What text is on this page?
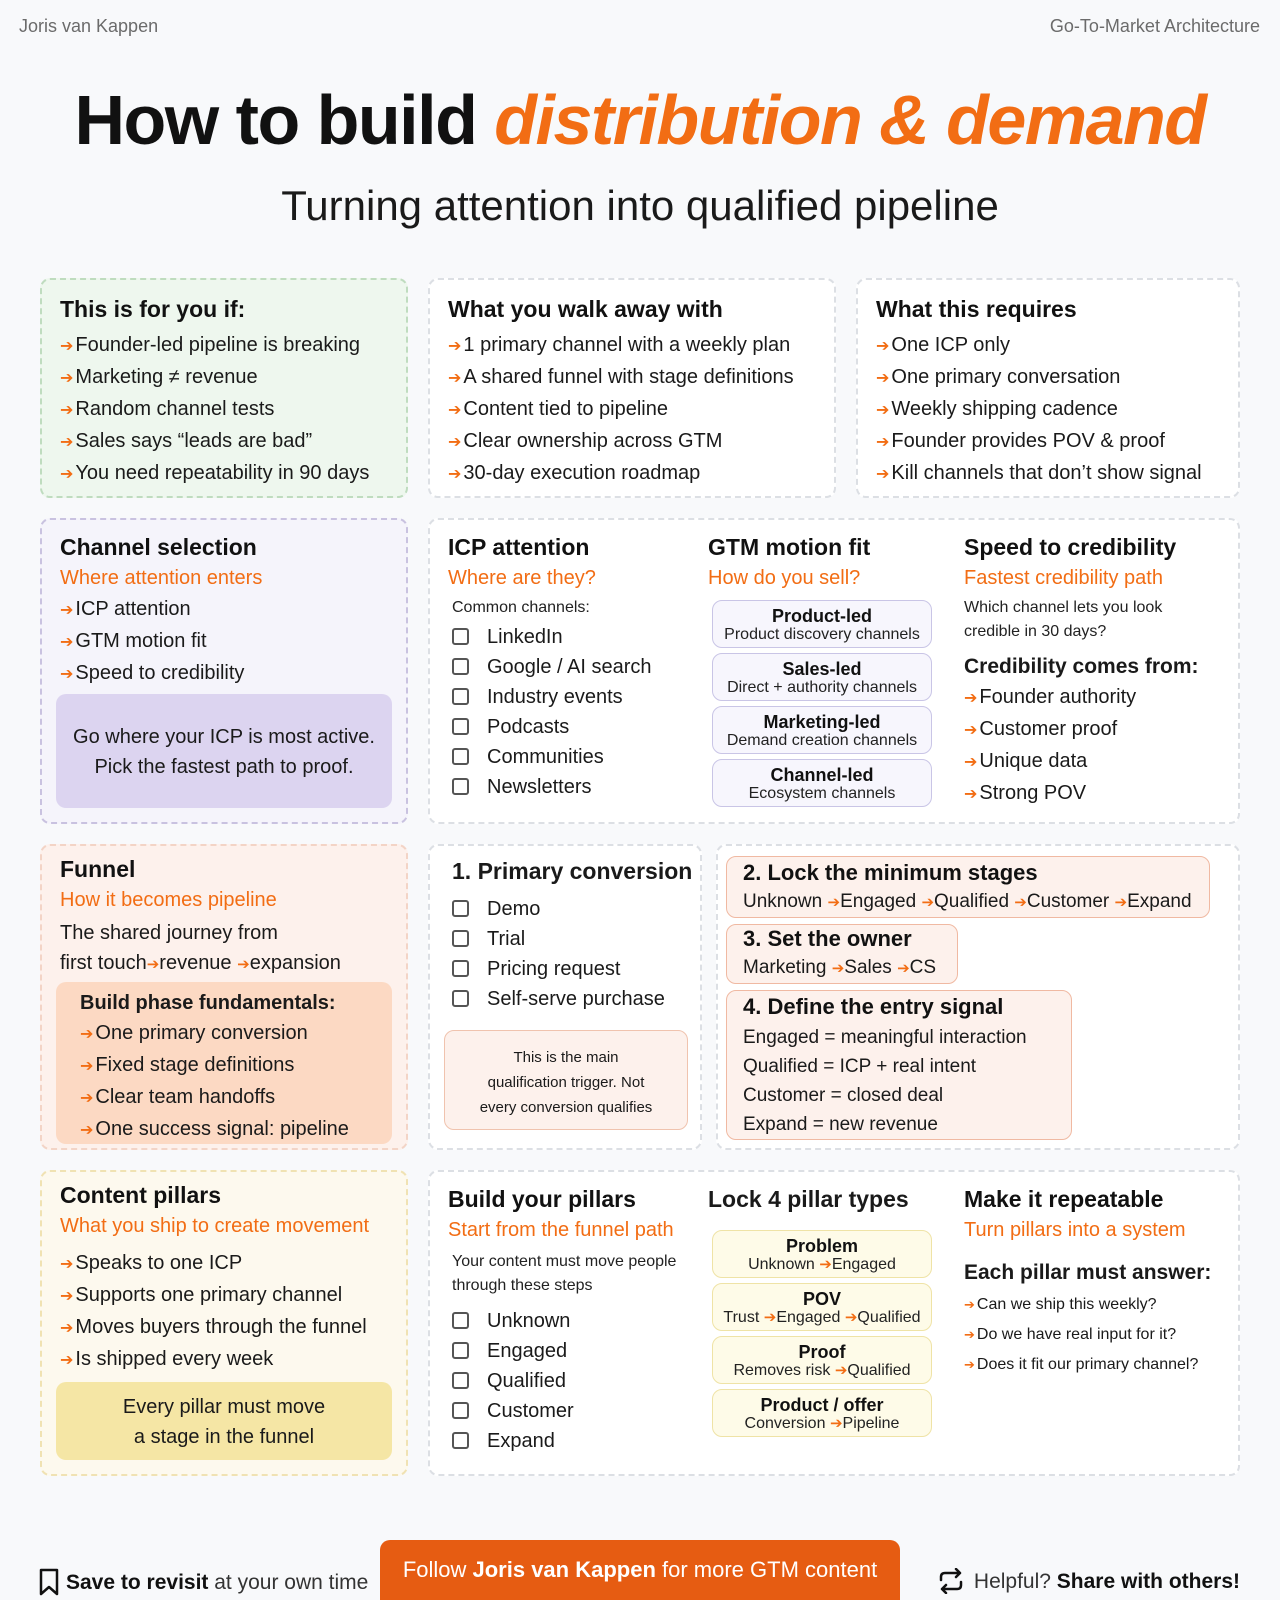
Joris van Kappen	Go-To-Market Architecture
How to build distribution & demand
Turning attention into qualified pipeline
This is for you if:
➔ Founder-led pipeline is breaking
➔ Marketing ≠ revenue
➔ Random channel tests
➔ Sales says “leads are bad”
➔ You need repeatability in 90 days
What you walk away with
➔ 1 primary channel with a weekly plan
➔ A shared funnel with stage definitions
➔ Content tied to pipeline
➔ Clear ownership across GTM
➔ 30-day execution roadmap
What this requires
➔ One ICP only
➔ One primary conversation
➔ Weekly shipping cadence
➔ Founder provides POV & proof
➔ Kill channels that don’t show signal
Channel selection
Where attention enters
➔ ICP attention
➔ GTM motion fit
➔ Speed to credibility
Go where your ICP is most active.
Pick the fastest path to proof.
ICP attention
Where are they?
Common channels:
LinkedIn
Google / AI search
Industry events
Podcasts
Communities
Newsletters
GTM motion fit
How do you sell?
Product-led
Product discovery channels
Sales-led
Direct + authority channels
Marketing-led
Demand creation channels
Channel-led
Ecosystem channels
Speed to credibility
Fastest credibility path
Which channel lets you look
credible in 30 days?
Credibility comes from:
➔ Founder authority
➔ Customer proof
➔ Unique data
➔ Strong POV
Funnel
How it becomes pipeline
The shared journey from
first touch➔revenue ➔expansion
Build phase fundamentals:
➔ One primary conversion
➔ Fixed stage definitions
➔ Clear team handoffs
➔ One success signal: pipeline
1. Primary conversion
Demo
Trial
Pricing request
Self-serve purchase
This is the main
qualification trigger. Not
every conversion qualifies
2. Lock the minimum stages
Unknown ➔Engaged ➔Qualified ➔Customer ➔Expand
3. Set the owner
Marketing ➔Sales ➔CS
4. Define the entry signal
Engaged = meaningful interaction
Qualified = ICP + real intent
Customer = closed deal
Expand = new revenue
Content pillars
What you ship to create movement
➔ Speaks to one ICP
➔ Supports one primary channel
➔ Moves buyers through the funnel
➔ Is shipped every week
Every pillar must move
a stage in the funnel
Build your pillars
Start from the funnel path
Your content must move people
through these steps
Unknown
Engaged
Qualified
Customer
Expand
Lock 4 pillar types
Problem
Unknown ➔Engaged
POV
Trust ➔Engaged ➔Qualified
Proof
Removes risk ➔Qualified
Product / offer
Conversion ➔Pipeline
Make it repeatable
Turn pillars into a system
Each pillar must answer:
➔ Can we ship this weekly?
➔ Do we have real input for it?
➔ Does it fit our primary channel?
Save to revisit at your own time
Follow Joris van Kappen for more GTM content	Helpful? Share with others!
